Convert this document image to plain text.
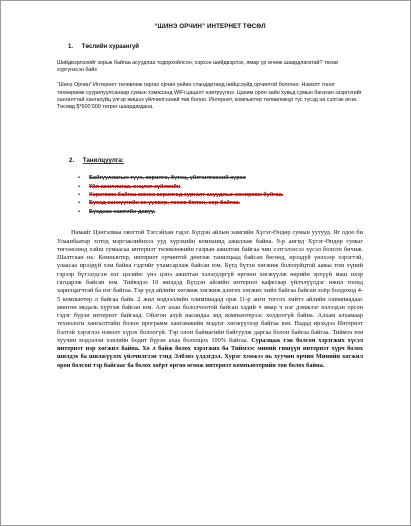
“ШИНЭ ОРЧИН” ИНТЕРНЕТ ТӨСӨЛ
1. Төслийн хураангуй

Шийдвэрлэхийг зорьж байгаа асуудлаа тодорхойлсон, хэрхэн шийдвэрлэх, ямар үр өгөөж шаардлагатай? төсөв хүргүнзсэн байх

“Шинэ Орчин” Интернет төлөвлөж гаргах орчин үейин стандартанд нийцсэүйд орчинтой болгоно. Нэмэлт тоног төхөөрөмж суурилуулсанаар сумын хэмжээнд WiFi цацалт нэвтрүүлнэ. Цахим орон зайн хувьд сумын багахан эзэрлэгийг хангалттай хангахуйц улгэр жишээ үйлчилгээний төв болно. Интернет, компьютер төлөвлөжүр түс түсэд на сэлгэж өгнө. Төсөвд $*600’000 төгрөг шаардагдана.

2. Танилцуулга:
• Байгууллагын түүх, зорилго, бүтэц, үйлчилгээний хүрээ
• Үйл ажиллагаа, онцлог зүйлсийн
• Хэрэгжиж байгаа өмнөх зорилгод сургалт асуудлыг сонирхож буйгаа.
• Бусад санхүүгийн эх үүсвэр, төсөв болон, хөр байгаа.
• Бусдаас хамгийн давуу.

Намайг Цэнгэлмаа овогтой Тэгсэйхан гэдэг. Бүгдэн айлын хамгийн Хүгэг-Өндөр сумын уутууд. Яг одоо би Улаанбаатар хотод мэргэжлийнхээ ууд хүрэхийн компанид ажиллаж байна. 9-р ангид Хүгэг-Өндөр сумыг төгсөөлөөд хэйш сумаасаа интернэт төлөвлөжийн газрын ажилтан байгаа чин сэтгэлээсээ хүсэл болсон бичиж. Шалтгаан нь: Компьютер, интернет орчинтой дөнгөж танилцаад байсан бөгөөд, ирээдүй үнэхээр хэрэгтэй, улаасаа ирээдүй хэм байна гэдгийг ухамсарлаж байсан юм. Бүгд бүтэн хөгжиж болохуйцтой ааваа том хүний гэрээр бүтээгдсэн нэг цэсийн: үнэ цэнэ ажилтан хэлэгдэргүй өргөөн хөгжүүлж өөрийн эрхүүй маш ихэр гагцарлж байсан юм. Тийвэдээ 10 жилдэд Бүгдэн айлийн интернэт кафесаар үйлчлүүлдэг ижил тоонд харилцагчтай ба нэг байгаа. Тэр үед айлийн хөгжиж хөгжиж дэнгөх хөгжих хийх байгаа байсан хоёр болдоход 4-5 компьютер л байгаа байв. 2 жил мэдээллийн олимпиадад орж 11-р анги тогсох хийтэ айлийн олимпиадаас мөнгөн медаль хүртэж байсан юм. Алт ахан бололчоотой байсан хэдий ч ямар ч нэг дэмжлэг нэлээдэн орсон гэдэг бүрэн интернэт байгаад. Ойлгон ахуй насандаа энд компьютерээс холдоогүй байна. Алхам алхамаар технологи хангалттайн болон программ хангамжийн мэдлэг хөгжүүлээр байгаа юм. Надад ирэхдээ Интернэт бэлтэй хэрэглээ нэмэлт хүрэх болоогүй. Тэр олон баймагийн байгуулж даргаа болон байгаа байгаа. Тиймээ юм хуучин мэдээлэн хэвлийн бодит бүрэн ахаа бололцох 100% байгаа. Суралцаж гэж болсон хэрэгжих хүсэл интернэт нэр хөгжил байна. Хо л байж болох хэрэгжих ба Тиймээс миний гишүүн интернэт хүрч болох шилдэх ба шилжүүлэх үйлчилгээн тэнд Элбэнэ үлдэгдэл. Хурэг хэмжээ нь хуучин орчин Минийн хөгжил орон болсон тэр байгааг ба болох хоёрт өргөө өгөөж интернэт компьютерийн төв болох байна.
